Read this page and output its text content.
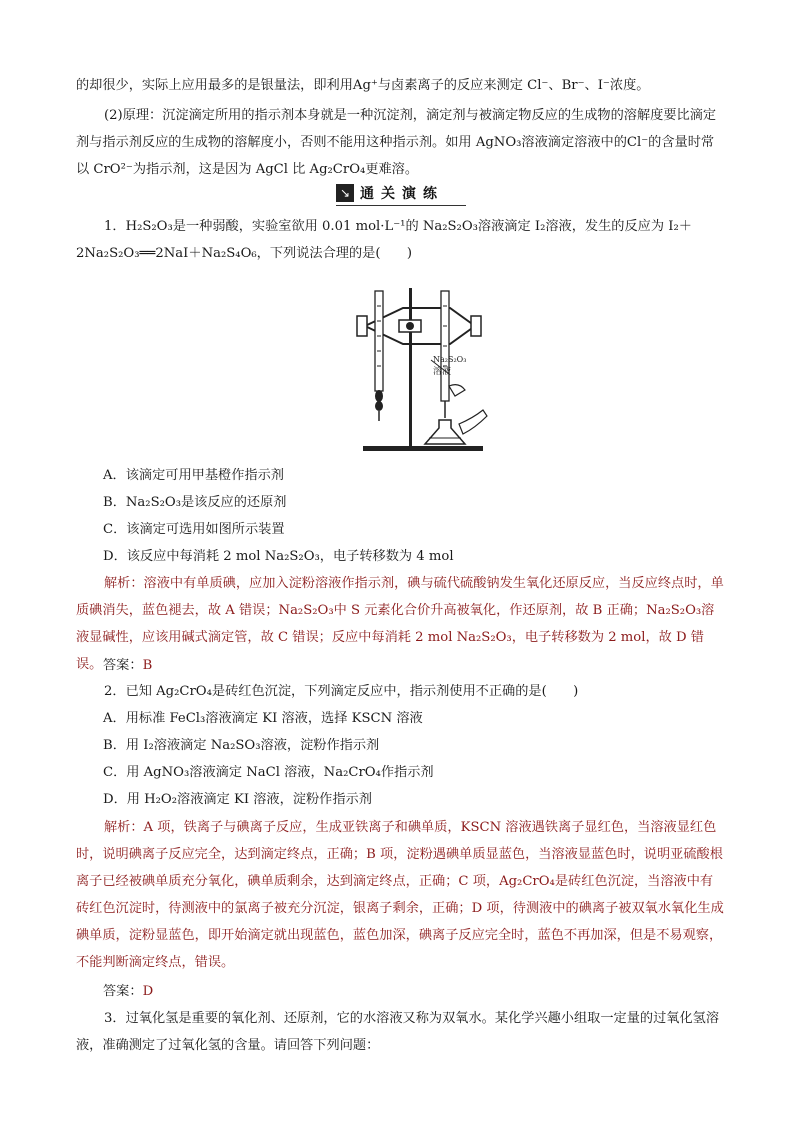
的却很少，实际上应用最多的是银量法，即利用Ag⁺与卤素离子的反应来测定 Cl⁻、Br⁻、I⁻浓度。

(2)原理：沉淀滴定所用的指示剂本身就是一种沉淀剂，滴定剂与被滴定物反应的生成物的溶解度要比滴定剂与指示剂反应的生成物的溶解度小，否则不能用这种指示剂。如用 AgNO₃溶液滴定溶液中的Cl⁻的含量时常以 CrO²⁻为指示剂，这是因为 AgCl 比 Ag₂CrO₄更难溶。

↘ 通关演练

1．H₂S₂O₃是一种弱酸，实验室欲用 0.01 mol·L⁻¹的 Na₂S₂O₃溶液滴定 I₂溶液，发生的反应为 I₂＋2Na₂S₂O₃══2NaI＋Na₂S₄O₆，下列说法合理的是(　　)

Na₂S₂O₃
溶液

A．该滴定可用甲基橙作指示剂

B．Na₂S₂O₃是该反应的还原剂

C．该滴定可选用如图所示装置

D．该反应中每消耗 2 mol Na₂S₂O₃，电子转移数为 4 mol

解析：溶液中有单质碘，应加入淀粉溶液作指示剂，碘与硫代硫酸钠发生氧化还原反应，当反应终点时，单质碘消失，蓝色褪去，故 A 错误；Na₂S₂O₃中 S 元素化合价升高被氧化，作还原剂，故 B 正确；Na₂S₂O₃溶液显碱性，应该用碱式滴定管，故 C 错误；反应中每消耗 2 mol Na₂S₂O₃，电子转移数为 2 mol，故 D 错误。 答案：B

2．已知 Ag₂CrO₄是砖红色沉淀，下列滴定反应中，指示剂使用不正确的是(　　)

A．用标准 FeCl₃溶液滴定 KI 溶液，选择 KSCN 溶液

B．用 I₂溶液滴定 Na₂SO₃溶液，淀粉作指示剂

C．用 AgNO₃溶液滴定 NaCl 溶液，Na₂CrO₄作指示剂

D．用 H₂O₂溶液滴定 KI 溶液，淀粉作指示剂

解析：A 项，铁离子与碘离子反应，生成亚铁离子和碘单质，KSCN 溶液遇铁离子显红色，当溶液显红色时，说明碘离子反应完全，达到滴定终点，正确；B 项，淀粉遇碘单质显蓝色，当溶液显蓝色时，说明亚硫酸根离子已经被碘单质充分氧化，碘单质剩余，达到滴定终点，正确；C 项，Ag₂CrO₄是砖红色沉淀，当溶液中有砖红色沉淀时，待测液中的氯离子被充分沉淀，银离子剩余，正确；D 项，待测液中的碘离子被双氧水氧化生成碘单质，淀粉显蓝色，即开始滴定就出现蓝色，蓝色加深，碘离子反应完全时，蓝色不再加深，但是不易观察，不能判断滴定终点，错误。

答案：D

3．过氧化氢是重要的氧化剂、还原剂，它的水溶液又称为双氧水。某化学兴趣小组取一定量的过氧化氢溶液，准确测定了过氧化氢的含量。请回答下列问题：
